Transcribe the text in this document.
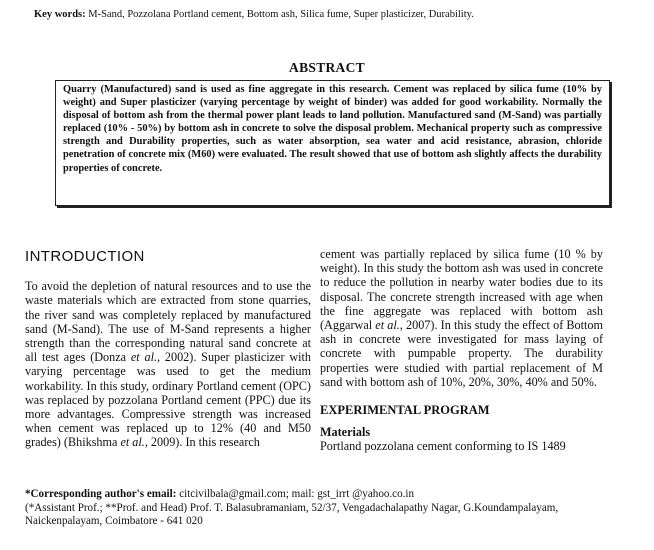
Key words: M-Sand, Pozzolana Portland cement, Bottom ash, Silica fume, Super plasticizer, Durability.
ABSTRACT
Quarry (Manufactured) sand is used as fine aggregate in this research. Cement was replaced by silica fume (10% by weight) and Super plasticizer (varying percentage by weight of binder) was added for good workability. Normally the disposal of bottom ash from the thermal power plant leads to land pollution. Manufactured sand (M-Sand) was partially replaced (10% - 50%) by bottom ash in concrete to solve the disposal problem. Mechanical property such as compressive strength and Durability properties, such as water absorption, sea water and acid resistance, abrasion, chloride penetration of concrete mix (M60) were evaluated. The result showed that use of bottom ash slightly affects the durability properties of concrete.
INTRODUCTION

To avoid the depletion of natural resources and to use the waste materials which are extracted from stone quarries, the river sand was completely replaced by manufactured sand (M-Sand). The use of M-Sand represents a higher strength than the corresponding natural sand concrete at all test ages (Donza et al., 2002). Super plasticizer with varying percentage was used to get the medium workability. In this study, ordinary Portland cement (OPC) was replaced by pozzolana Portland cement (PPC) due its more advantages. Compressive strength was increased when cement was replaced up to 12% (40 and M50 grades) (Bhikshma et al., 2009). In this research

cement was partially replaced by silica fume (10 % by weight). In this study the bottom ash was used in concrete to reduce the pollution in nearby water bodies due to its disposal. The concrete strength increased with age when the fine aggregate was replaced with bottom ash (Aggarwal et al., 2007). In this study the effect of Bottom ash in concrete were investigated for mass laying of concrete with pumpable property. The durability properties were studied with partial replacement of M sand with bottom ash of 10%, 20%, 30%, 40% and 50%.

EXPERIMENTAL PROGRAM
Materials

Portland pozzolana cement conforming to IS 1489

*Corresponding author's email: citcivilbala@gmail.com; mail: gst_irrt @yahoo.co.in
(*Assistant Prof.; **Prof. and Head) Prof. T. Balasubramaniam, 52/37, Vengadachalapathy Nagar, G.Koundampalayam, Naickenpalayam, Coimbatore - 641 020
